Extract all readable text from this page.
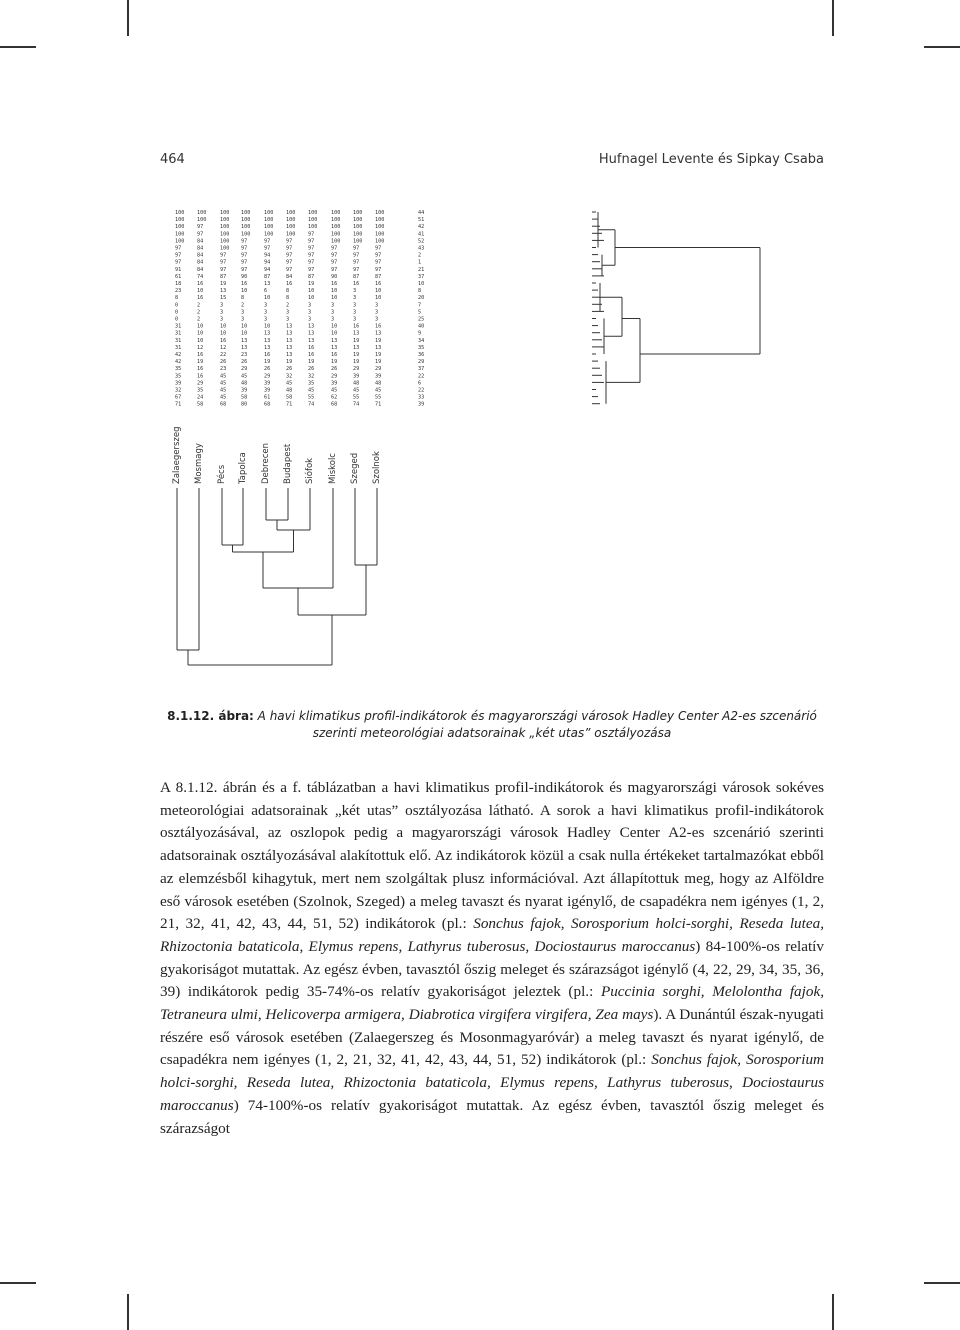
464	Hufnagel Levente és Sipkay Csaba
100
100
100
100
100
97
97
97
91
61
18
23
8
0
0
0
31
31
31
31
42
42
35
35
39
32
67
71
100
100
97
97
84
84
84
84
84
74
16
10
16
2
2
2
10
10
10
12
16
19
16
16
29
35
24
58
100
100
100
100
100
100
97
97
97
87
19
13
15
3
3
3
10
10
16
12
22
26
23
45
45
45
45
68
100
100
100
100
97
97
97
97
97
90
16
10
8
2
3
3
10
10
13
13
23
26
29
45
48
39
58
80
100
100
100
100
97
97
94
94
94
87
13
6
10
3
3
3
10
13
13
13
16
19
26
29
39
39
61
68
100
100
100
100
97
97
97
97
97
84
16
8
8
2
3
3
13
13
13
13
13
19
26
32
45
48
58
71
100
100
100
97
97
97
97
97
97
87
19
10
10
3
3
3
13
13
13
16
16
19
26
32
35
45
55
74
100
100
100
100
100
97
97
97
97
90
16
10
10
3
3
3
10
10
13
13
16
19
26
29
39
45
62
68
100
100
100
100
100
97
97
97
97
87
16
3
3
3
3
3
16
13
19
13
19
19
29
39
48
45
55
74
100
100
100
100
100
97
97
97
97
87
16
10
10
3
3
3
16
13
19
13
19
19
29
39
48
45
55
71
44
51
42
41
52
43
2
1
21
37
10
8
20
7
5
25
40
9
34
35
36
29
37
22
6
22
33
39
Zalaegerszeg Mosmagy Pécs Tapolca Debrecen Budapest Siófok Miskolc Szeged Szolnok
8.1.12. ábra: A havi klimatikus profil-indikátorok és magyarországi városok Hadley Center A2-es szcenárió szerinti meteorológiai adatsorainak „két utas” osztályozása
A 8.1.12. ábrán és a f. táblázatban a havi klimatikus profil-indikátorok és magyarországi városok sokéves meteorológiai adatsorainak „két utas” osztályozása látható. A sorok a havi klimatikus profil-indikátorok osztályozásával, az oszlopok pedig a magyarországi városok Hadley Center A2-es szcenárió szerinti adatsorainak osztályozásával alakítottuk elő. Az indikátorok közül a csak nulla értékeket tartalmazókat ebből az elemzésből kihagytuk, mert nem szolgáltak plusz információval. Azt állapítottuk meg, hogy az Alföldre eső városok esetében (Szolnok, Szeged) a meleg tavaszt és nyarat igénylő, de csapadékra nem igényes (1, 2, 21, 32, 41, 42, 43, 44, 51, 52) indikátorok (pl.: Sonchus fajok, Sorosporium holci-sorghi, Reseda lutea, Rhizoctonia bataticola, Elymus repens, Lathyrus tuberosus, Dociostaurus maroccanus) 84-100%-os relatív gyakoriságot mutattak. Az egész évben, tavasztól őszig meleget és szárazságot igénylő (4, 22, 29, 34, 35, 36, 39) indikátorok pedig 35-74%-os relatív gyakoriságot jeleztek (pl.: Puccinia sorghi, Melolontha fajok, Tetraneura ulmi, Helicoverpa armigera, Diabrotica virgifera virgifera, Zea mays). A Dunántúl észak-nyugati részére eső városok esetében (Zalaegerszeg és Mosonmagyaróvár) a meleg tavaszt és nyarat igénylő, de csapadékra nem igényes (1, 2, 21, 32, 41, 42, 43, 44, 51, 52) indikátorok (pl.: Sonchus fajok, Sorosporium holci-sorghi, Reseda lutea, Rhizoctonia bataticola, Elymus repens, Lathyrus tuberosus, Dociostaurus maroccanus) 74-100%-os relatív gyakoriságot mutattak. Az egész évben, tavasztól őszig meleget és szárazságot
